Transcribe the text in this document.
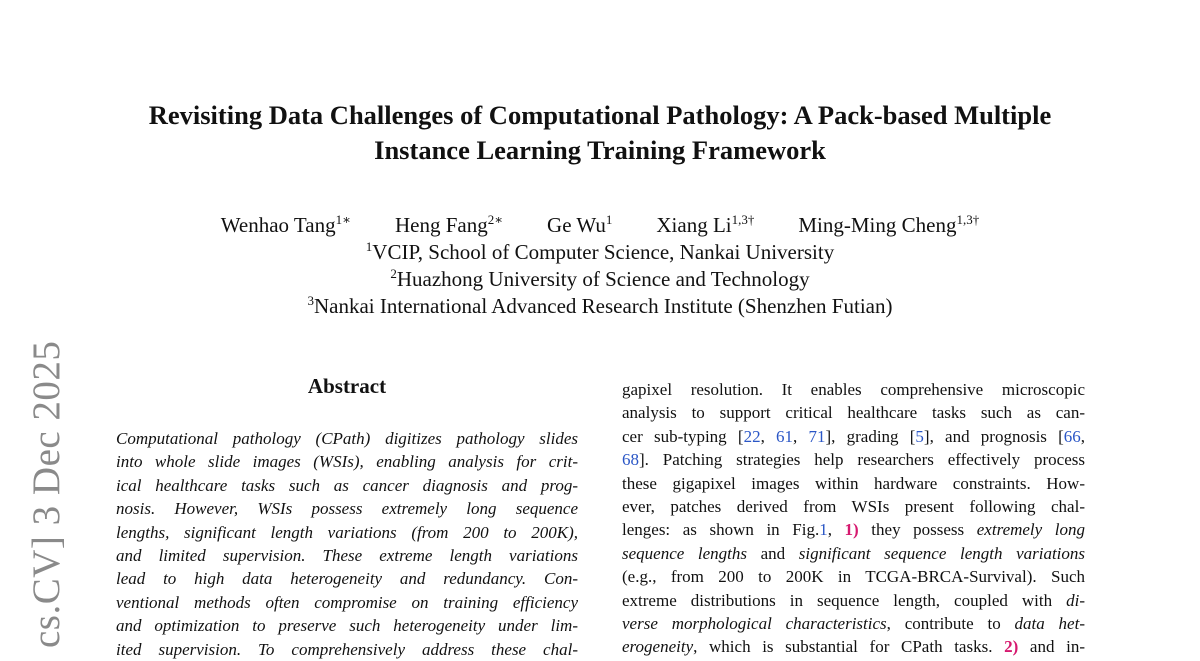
Revisiting Data Challenges of Computational Pathology: A Pack-based Multiple
Instance Learning Training Framework
Wenhao Tang$^{1∗}$ Heng Fang$^{2∗}$ Ge Wu$^1$ Xiang $Li^{1,3\dagger}$ Ming-Ming Cheng$^{1,3\dagger}$
$^1$VCIP, School of Computer Science, Nankai University
$^2$Huazhong University of Science and Technology
$^3$Nankai International Advanced Research Institute (Shenzhen Futian)
cs.CV] 3 Dec 2025	Abstract
Computational pathology (CPath) digitizes pathology slides
into whole slide images (WSIs), enabling analysis for crit-
ical healthcare tasks such as cancer diagnosis and prog-
nosis. However, WSIs possess extremely long sequence
lengths, significant length variations (from 200 to 200K),
and limited supervision. These extreme length variations
lead to high data heterogeneity and redundancy. Con-
ventional methods often compromise on training efficiency
and optimization to preserve such heterogeneity under lim-
ited supervision. To comprehensively address these chal-
gapixel resolution. It enables comprehensive microscopic
analysis to support critical healthcare tasks such as can-
cer sub-typing [22, 61, 71], grading [5], and prognosis [66,
68]. Patching strategies help researchers effectively process
these gigapixel images within hardware constraints. How-
ever, patches derived from WSIs present following chal-
lenges: as shown in Fig.1, 1) they possess extremely long
sequence lengths and significant sequence length variations
(e.g., from 200 to 200K in TCGA-BRCA-Survival). Such
extreme distributions in sequence length, coupled with di-
verse morphological characteristics, contribute to data het-
erogeneity, which is substantial for CPath tasks. 2) and in-
